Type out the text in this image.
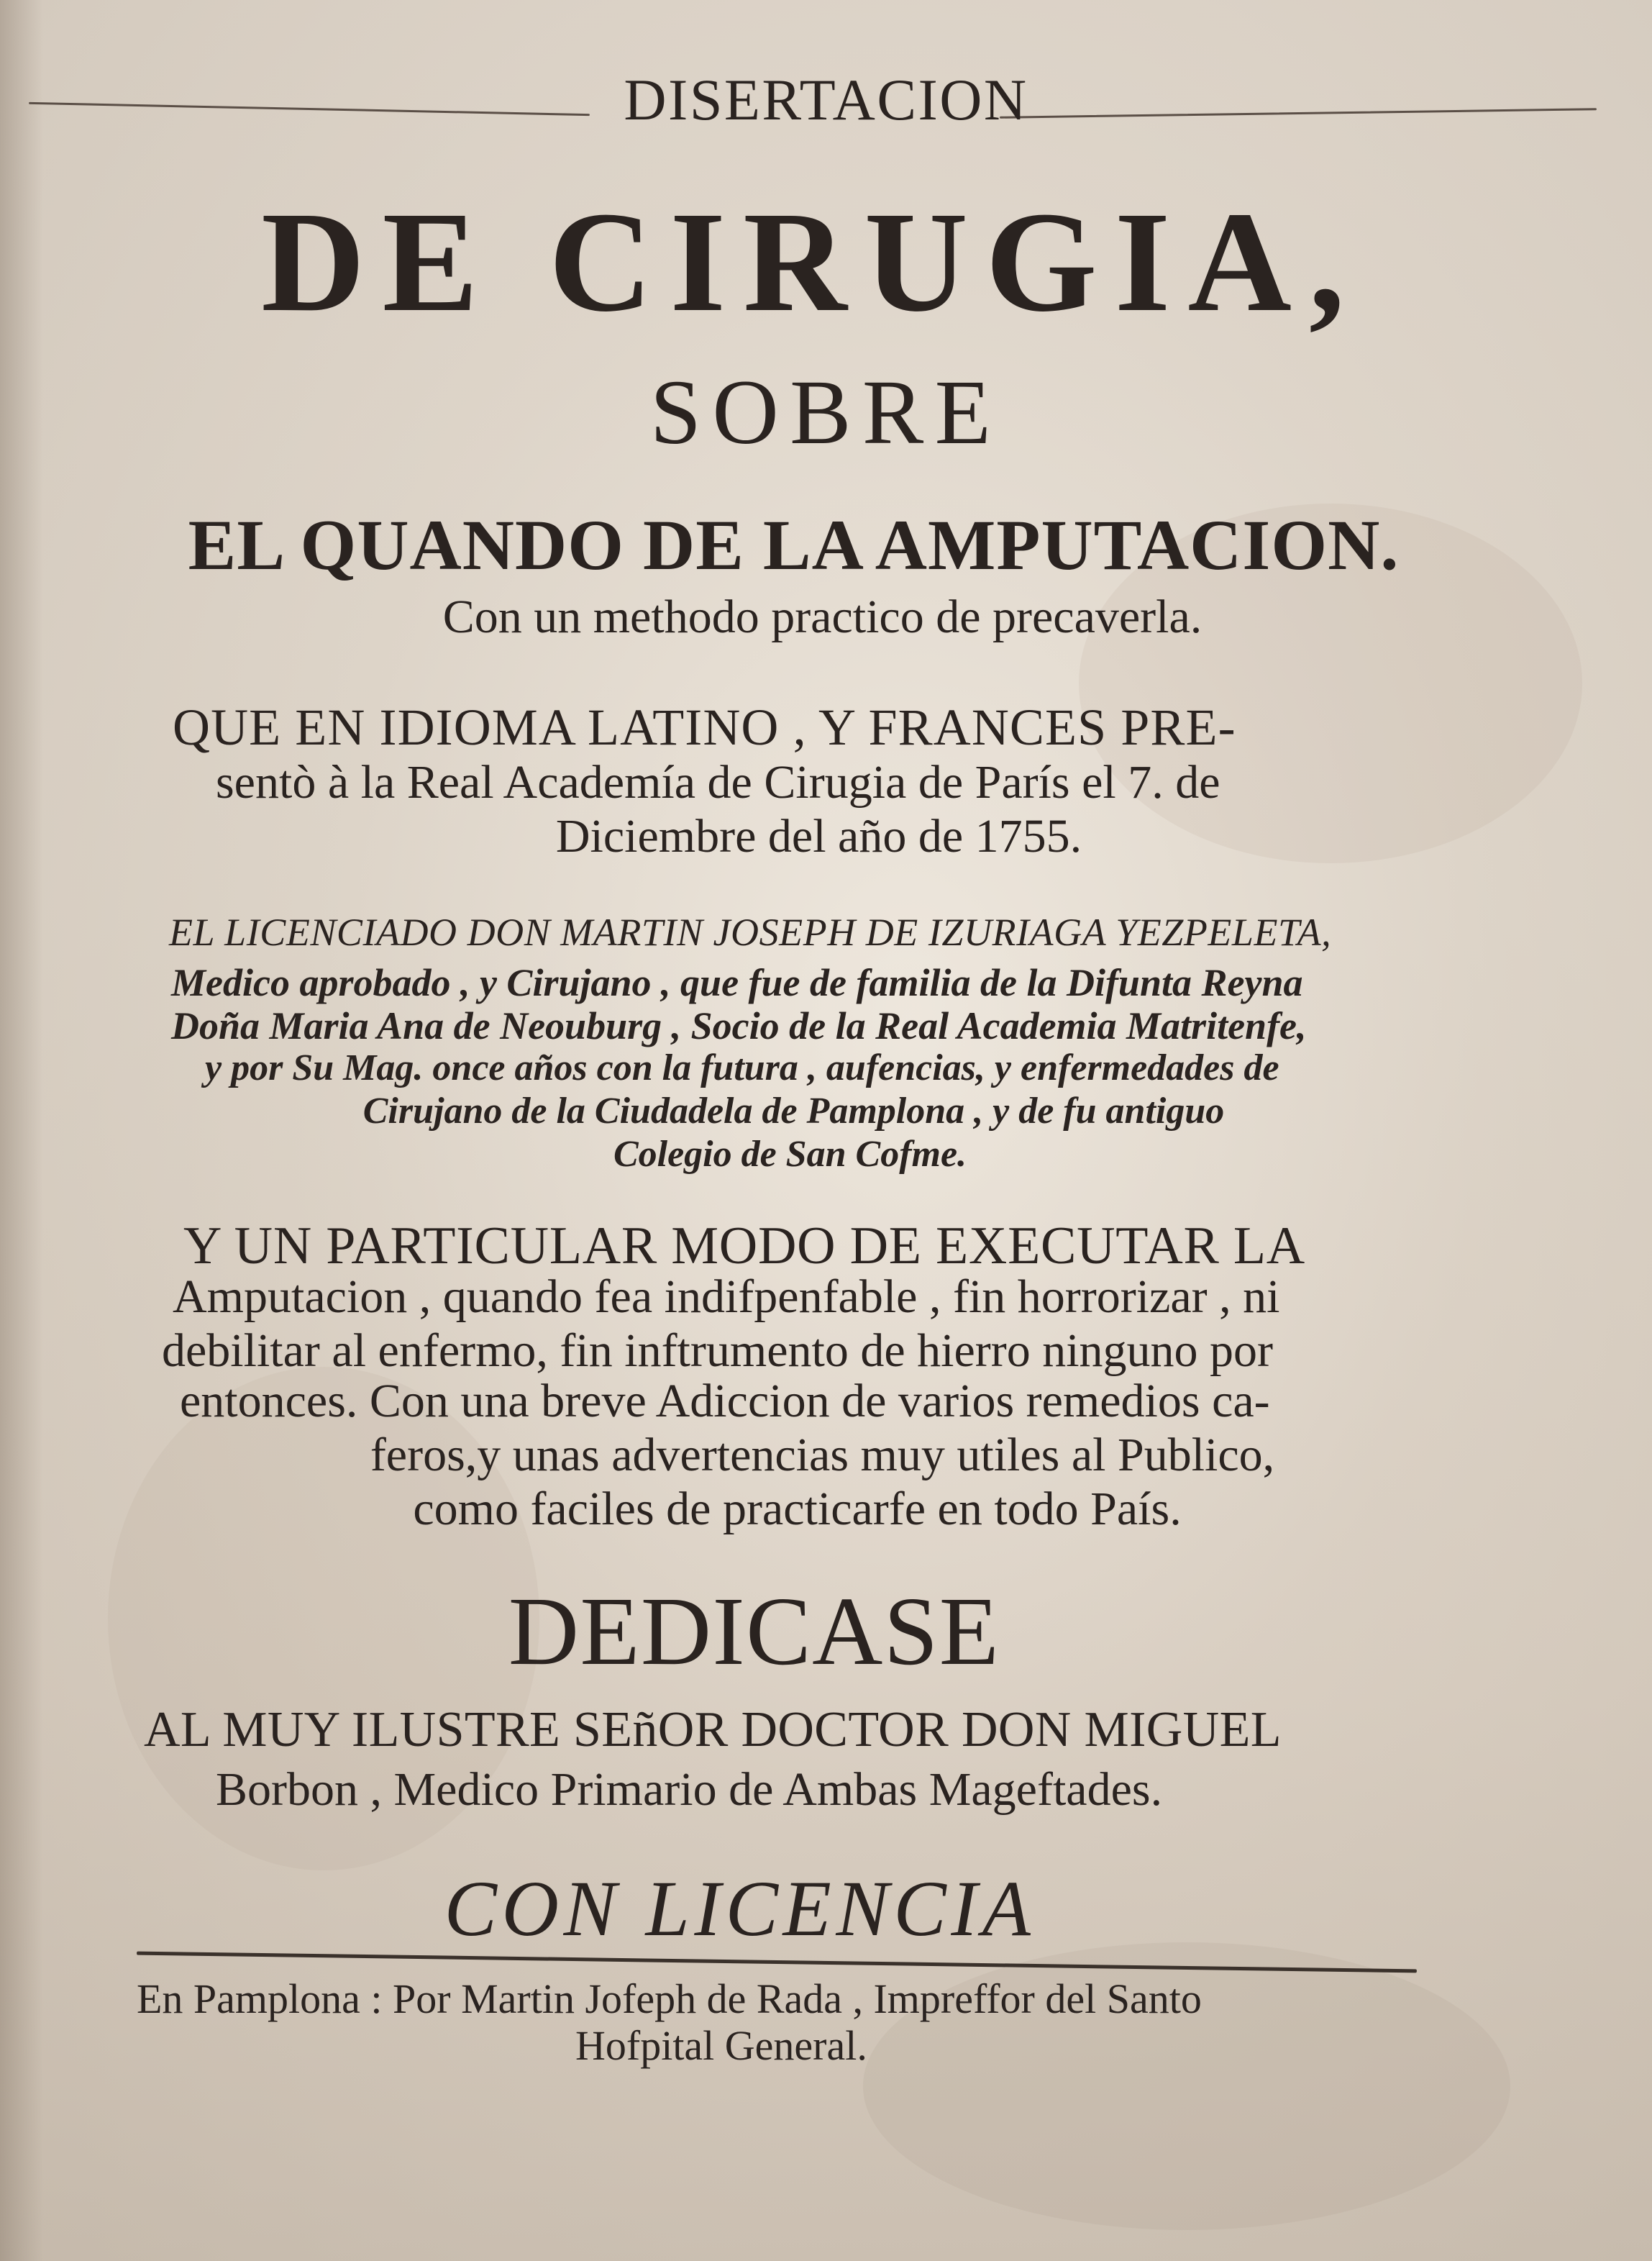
DISERTACION

DE CIRUGIA,

SOBRE

EL QUANDO DE LA AMPUTACION.

Con un methodo practico de precaverla.

QUE EN IDIOMA LATINO , Y FRANCES PRE-

sentò à la Real Academía de Cirugia de París el 7. de

Diciembre del año de 1755.

EL LICENCIADO DON MARTIN JOSEPH DE IZURIAGA YEZPELETA,

Medico aprobado , y Cirujano , que fue de familia de la Difunta Reyna

Doña Maria Ana de Neouburg , Socio de la Real Academia Matritenfe,

y por Su Mag. once años con la futura , aufencias, y enfermedades de

Cirujano de la Ciudadela de Pamplona , y de fu antiguo

Colegio de San Cofme.

Y UN PARTICULAR MODO DE EXECUTAR LA

Amputacion , quando fea indifpenfable , fin horrorizar , ni

debilitar al enfermo, fin inftrumento de hierro ninguno por

entonces. Con una breve Adiccion de varios remedios ca-

feros,y unas advertencias muy utiles al Publico,

como faciles de practicarfe en todo País.

DEDICASE

AL MUY ILUSTRE SEñOR DOCTOR DON MIGUEL

Borbon , Medico Primario de Ambas Mageftades.

CON LICENCIA

En Pamplona : Por Martin Jofeph de Rada , Impreffor del Santo

Hofpital General.
